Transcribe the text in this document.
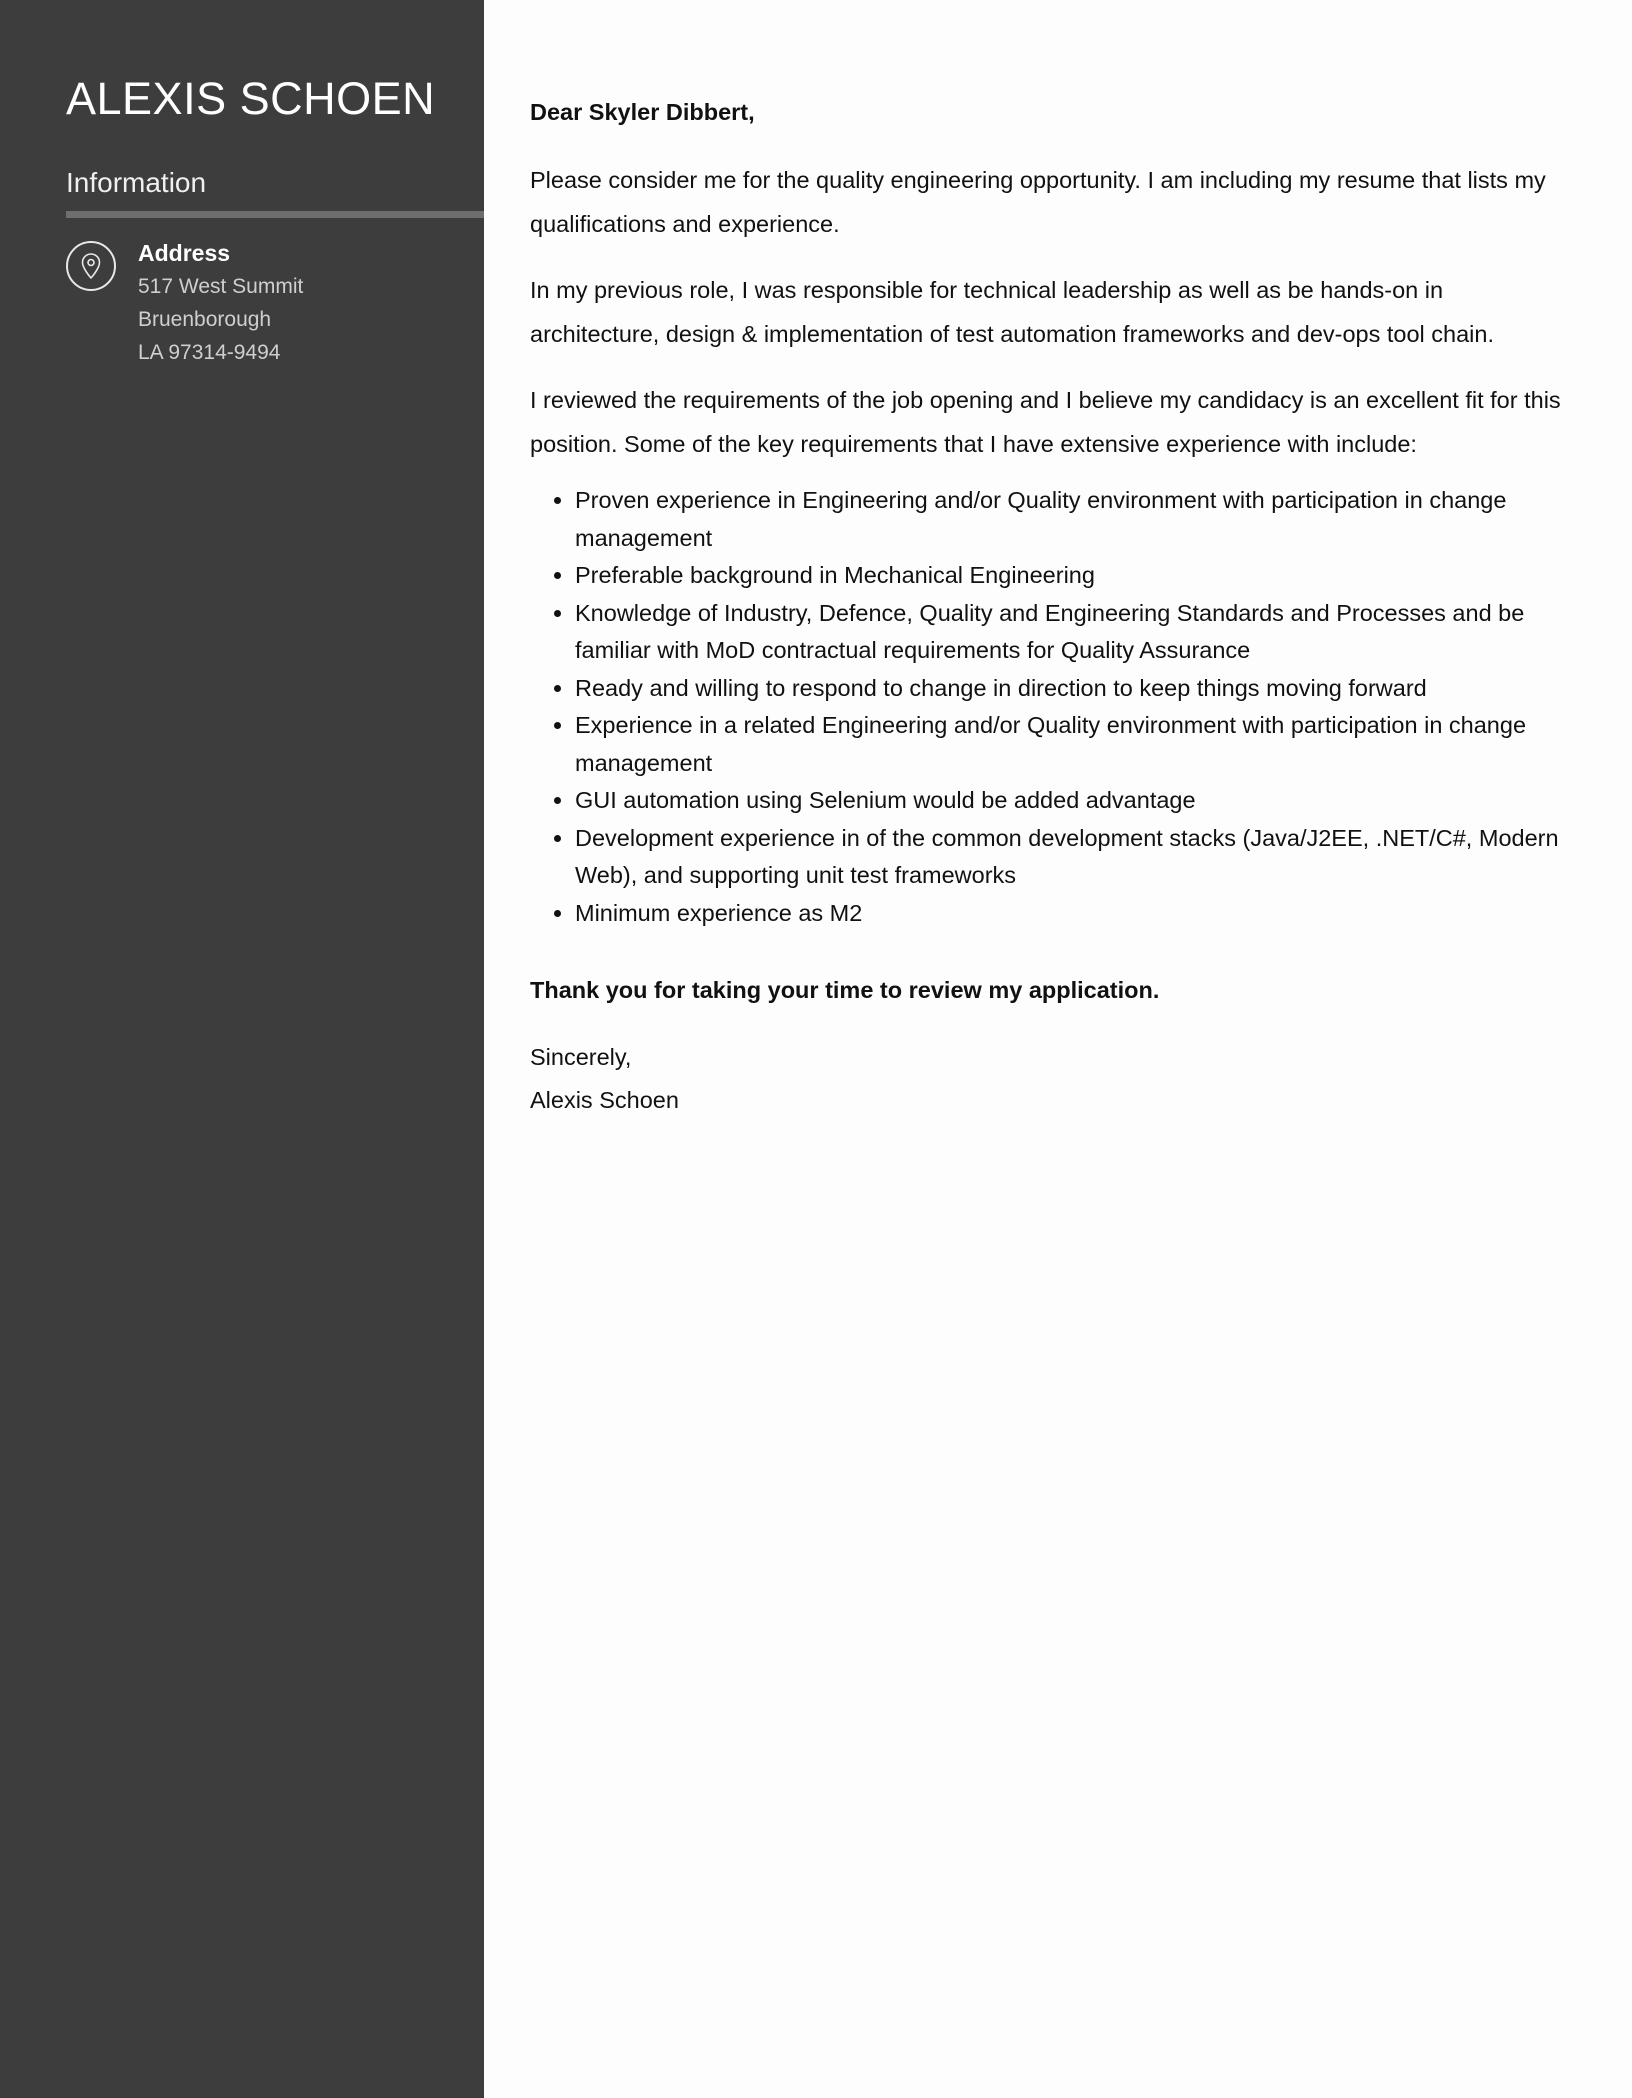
ALEXIS SCHOEN
Information
Address
517 West Summit
Bruenborough
LA 97314-9494

Dear Skyler Dibbert,

Please consider me for the quality engineering opportunity. I am including my resume that lists my qualifications and experience.

In my previous role, I was responsible for technical leadership as well as be hands-on in architecture, design & implementation of test automation frameworks and dev-ops tool chain.

I reviewed the requirements of the job opening and I believe my candidacy is an excellent fit for this position. Some of the key requirements that I have extensive experience with include:

• Proven experience in Engineering and/or Quality environment with participation in change management
• Preferable background in Mechanical Engineering
• Knowledge of Industry, Defence, Quality and Engineering Standards and Processes and be familiar with MoD contractual requirements for Quality Assurance
• Ready and willing to respond to change in direction to keep things moving forward
• Experience in a related Engineering and/or Quality environment with participation in change management
• GUI automation using Selenium would be added advantage
• Development experience in of the common development stacks (Java/J2EE, .NET/C#, Modern Web), and supporting unit test frameworks
• Minimum experience as M2

Thank you for taking your time to review my application.

Sincerely,

Alexis Schoen
